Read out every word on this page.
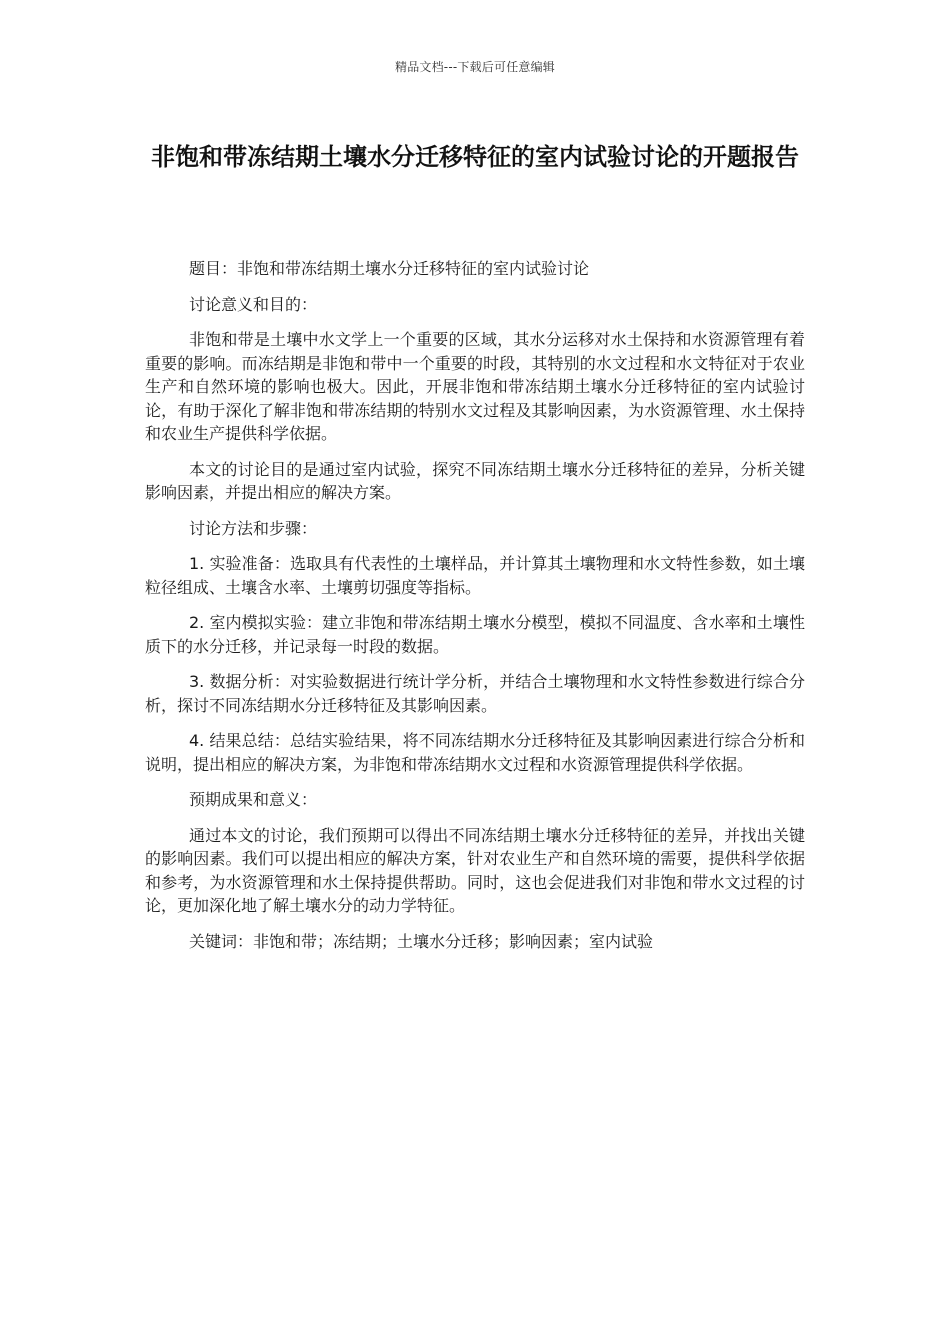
精品文档---下载后可任意编辑
非饱和带冻结期土壤水分迁移特征的室内试验讨论的开题报告

题目：非饱和带冻结期土壤水分迁移特征的室内试验讨论

讨论意义和目的：

非饱和带是土壤中水文学上一个重要的区域，其水分运移对水土保持和水资源管理有着重要的影响。而冻结期是非饱和带中一个重要的时段，其特别的水文过程和水文特征对于农业生产和自然环境的影响也极大。因此，开展非饱和带冻结期土壤水分迁移特征的室内试验讨论，有助于深化了解非饱和带冻结期的特别水文过程及其影响因素，为水资源管理、水土保持和农业生产提供科学依据。

本文的讨论目的是通过室内试验，探究不同冻结期土壤水分迁移特征的差异，分析关键影响因素，并提出相应的解决方案。

讨论方法和步骤：

1. 实验准备：选取具有代表性的土壤样品，并计算其土壤物理和水文特性参数，如土壤粒径组成、土壤含水率、土壤剪切强度等指标。

2. 室内模拟实验：建立非饱和带冻结期土壤水分模型，模拟不同温度、含水率和土壤性质下的水分迁移，并记录每一时段的数据。

3. 数据分析：对实验数据进行统计学分析，并结合土壤物理和水文特性参数进行综合分析，探讨不同冻结期水分迁移特征及其影响因素。

4. 结果总结：总结实验结果，将不同冻结期水分迁移特征及其影响因素进行综合分析和说明，提出相应的解决方案，为非饱和带冻结期水文过程和水资源管理提供科学依据。

预期成果和意义：

通过本文的讨论，我们预期可以得出不同冻结期土壤水分迁移特征的差异，并找出关键的影响因素。我们可以提出相应的解决方案，针对农业生产和自然环境的需要，提供科学依据和参考，为水资源管理和水土保持提供帮助。同时，这也会促进我们对非饱和带水文过程的讨论，更加深化地了解土壤水分的动力学特征。

关键词：非饱和带；冻结期；土壤水分迁移；影响因素；室内试验
